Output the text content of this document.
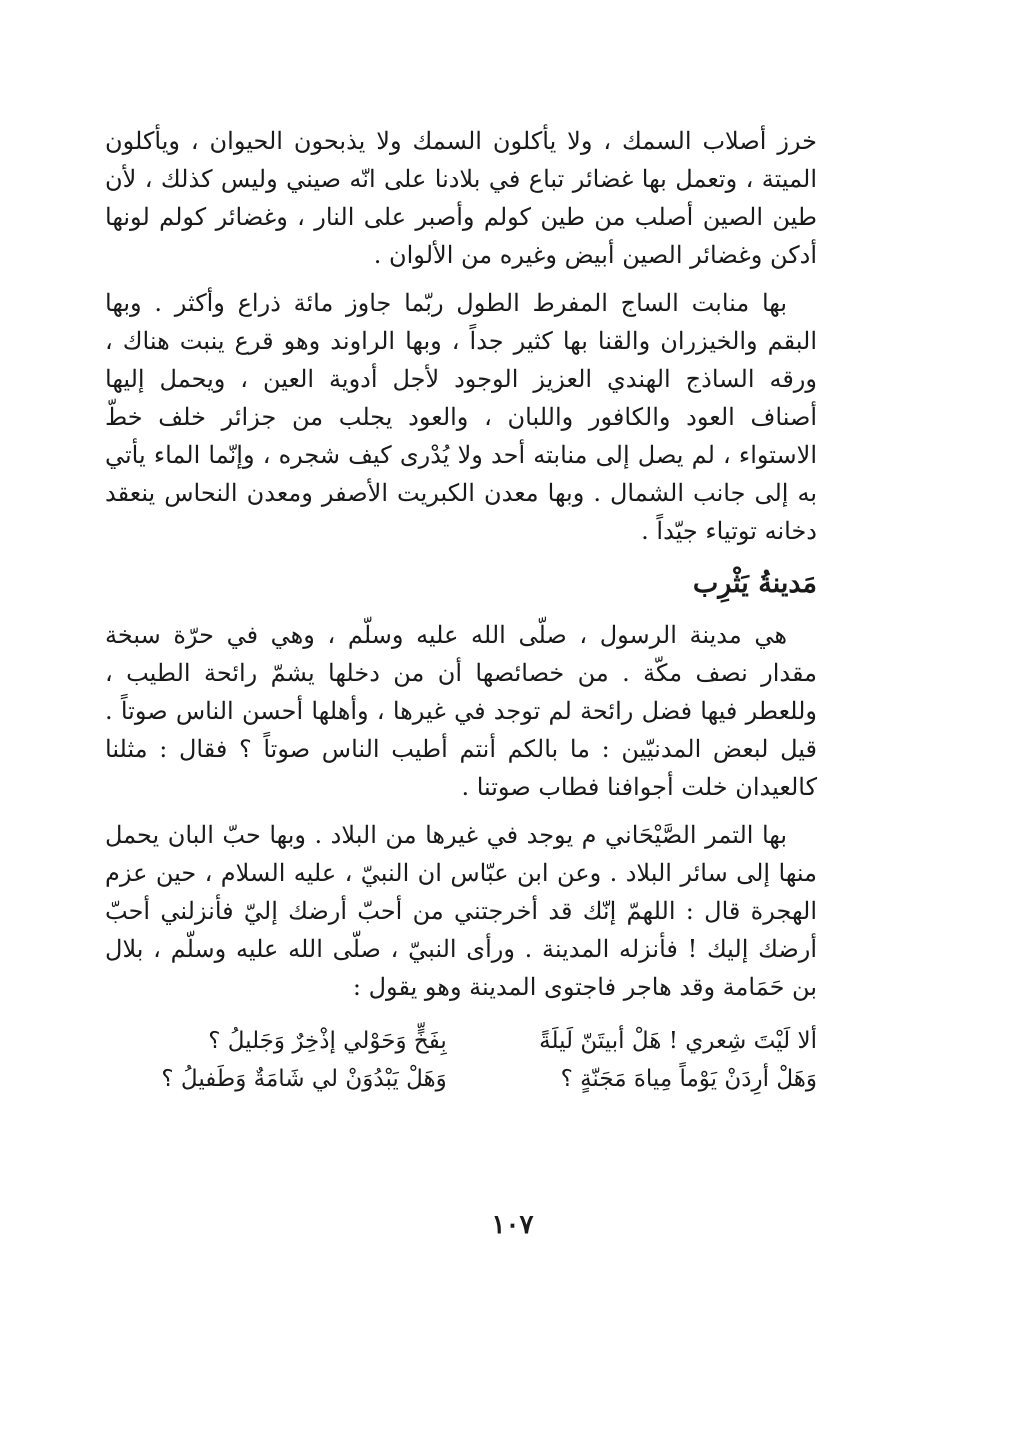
خرز أصلاب السمك ، ولا يأكلون السمك ولا يذبحون الحيوان ، ويأكلون الميتة ، وتعمل بها غضائر تباع في بلادنا على انّه صيني وليس كذلك ، لأن طين الصين أصلب من طين كولم وأصبر على النار ، وغضائر كولم لونها أدكن وغضائر الصين أبيض وغيره من الألوان .

بها منابت الساج المفرط الطول ربّما جاوز مائة ذراع وأكثر . وبها البقم والخيزران والقنا بها كثير جداً ، وبها الراوند وهو قرع ينبت هناك ، ورقه الساذج الهندي العزيز الوجود لأجل أدوية العين ، ويحمل إليها أصناف العود والكافور واللبان ، والعود يجلب من جزائر خلف خطّ الاستواء ، لم يصل إلى منابته أحد ولا يُدْرى كيف شجره ، وإنّما الماء يأتي به إلى جانب الشمال . وبها معدن الكبريت الأصفر ومعدن النحاس ينعقد دخانه توتياء جيّداً .

مَدينةُ يَثْرِب

هي مدينة الرسول ، صلّى الله عليه وسلّم ، وهي في حرّة سبخة مقدار نصف مكّة . من خصائصها أن من دخلها يشمّ رائحة الطيب ، وللعطر فيها فضل رائحة لم توجد في غيرها ، وأهلها أحسن الناس صوتاً . قيل لبعض المدنيّين : ما بالكم أنتم أطيب الناس صوتاً ؟ فقال : مثلنا كالعيدان خلت أجوافنا فطاب صوتنا .

بها التمر الصَّيْحَاني م يوجد في غيرها من البلاد . وبها حبّ البان يحمل منها إلى سائر البلاد . وعن ابن عبّاس ان النبيّ ، عليه السلام ، حين عزم الهجرة قال : اللهمّ إنّك قد أخرجتني من أحبّ أرضك إليّ فأنزلني أحبّ أرضك إليك ! فأنزله المدينة . ورأى النبيّ ، صلّى الله عليه وسلّم ، بلال بن حَمَامة وقد هاجر فاجتوى المدينة وهو يقول :

ألا لَيْتَ شِعري ! هَلْ أبيتَنّ لَيلَةً
بِفَخٍّ وَحَوْلي إذْخِرٌ وَجَليلُ ؟
وَهَلْ أرِدَنْ يَوْماً مِياهَ مَجَنّةٍ ؟
وَهَلْ يَبْدُوَنْ لي شَامَةٌ وَطَفيلُ ؟
١٠٧
